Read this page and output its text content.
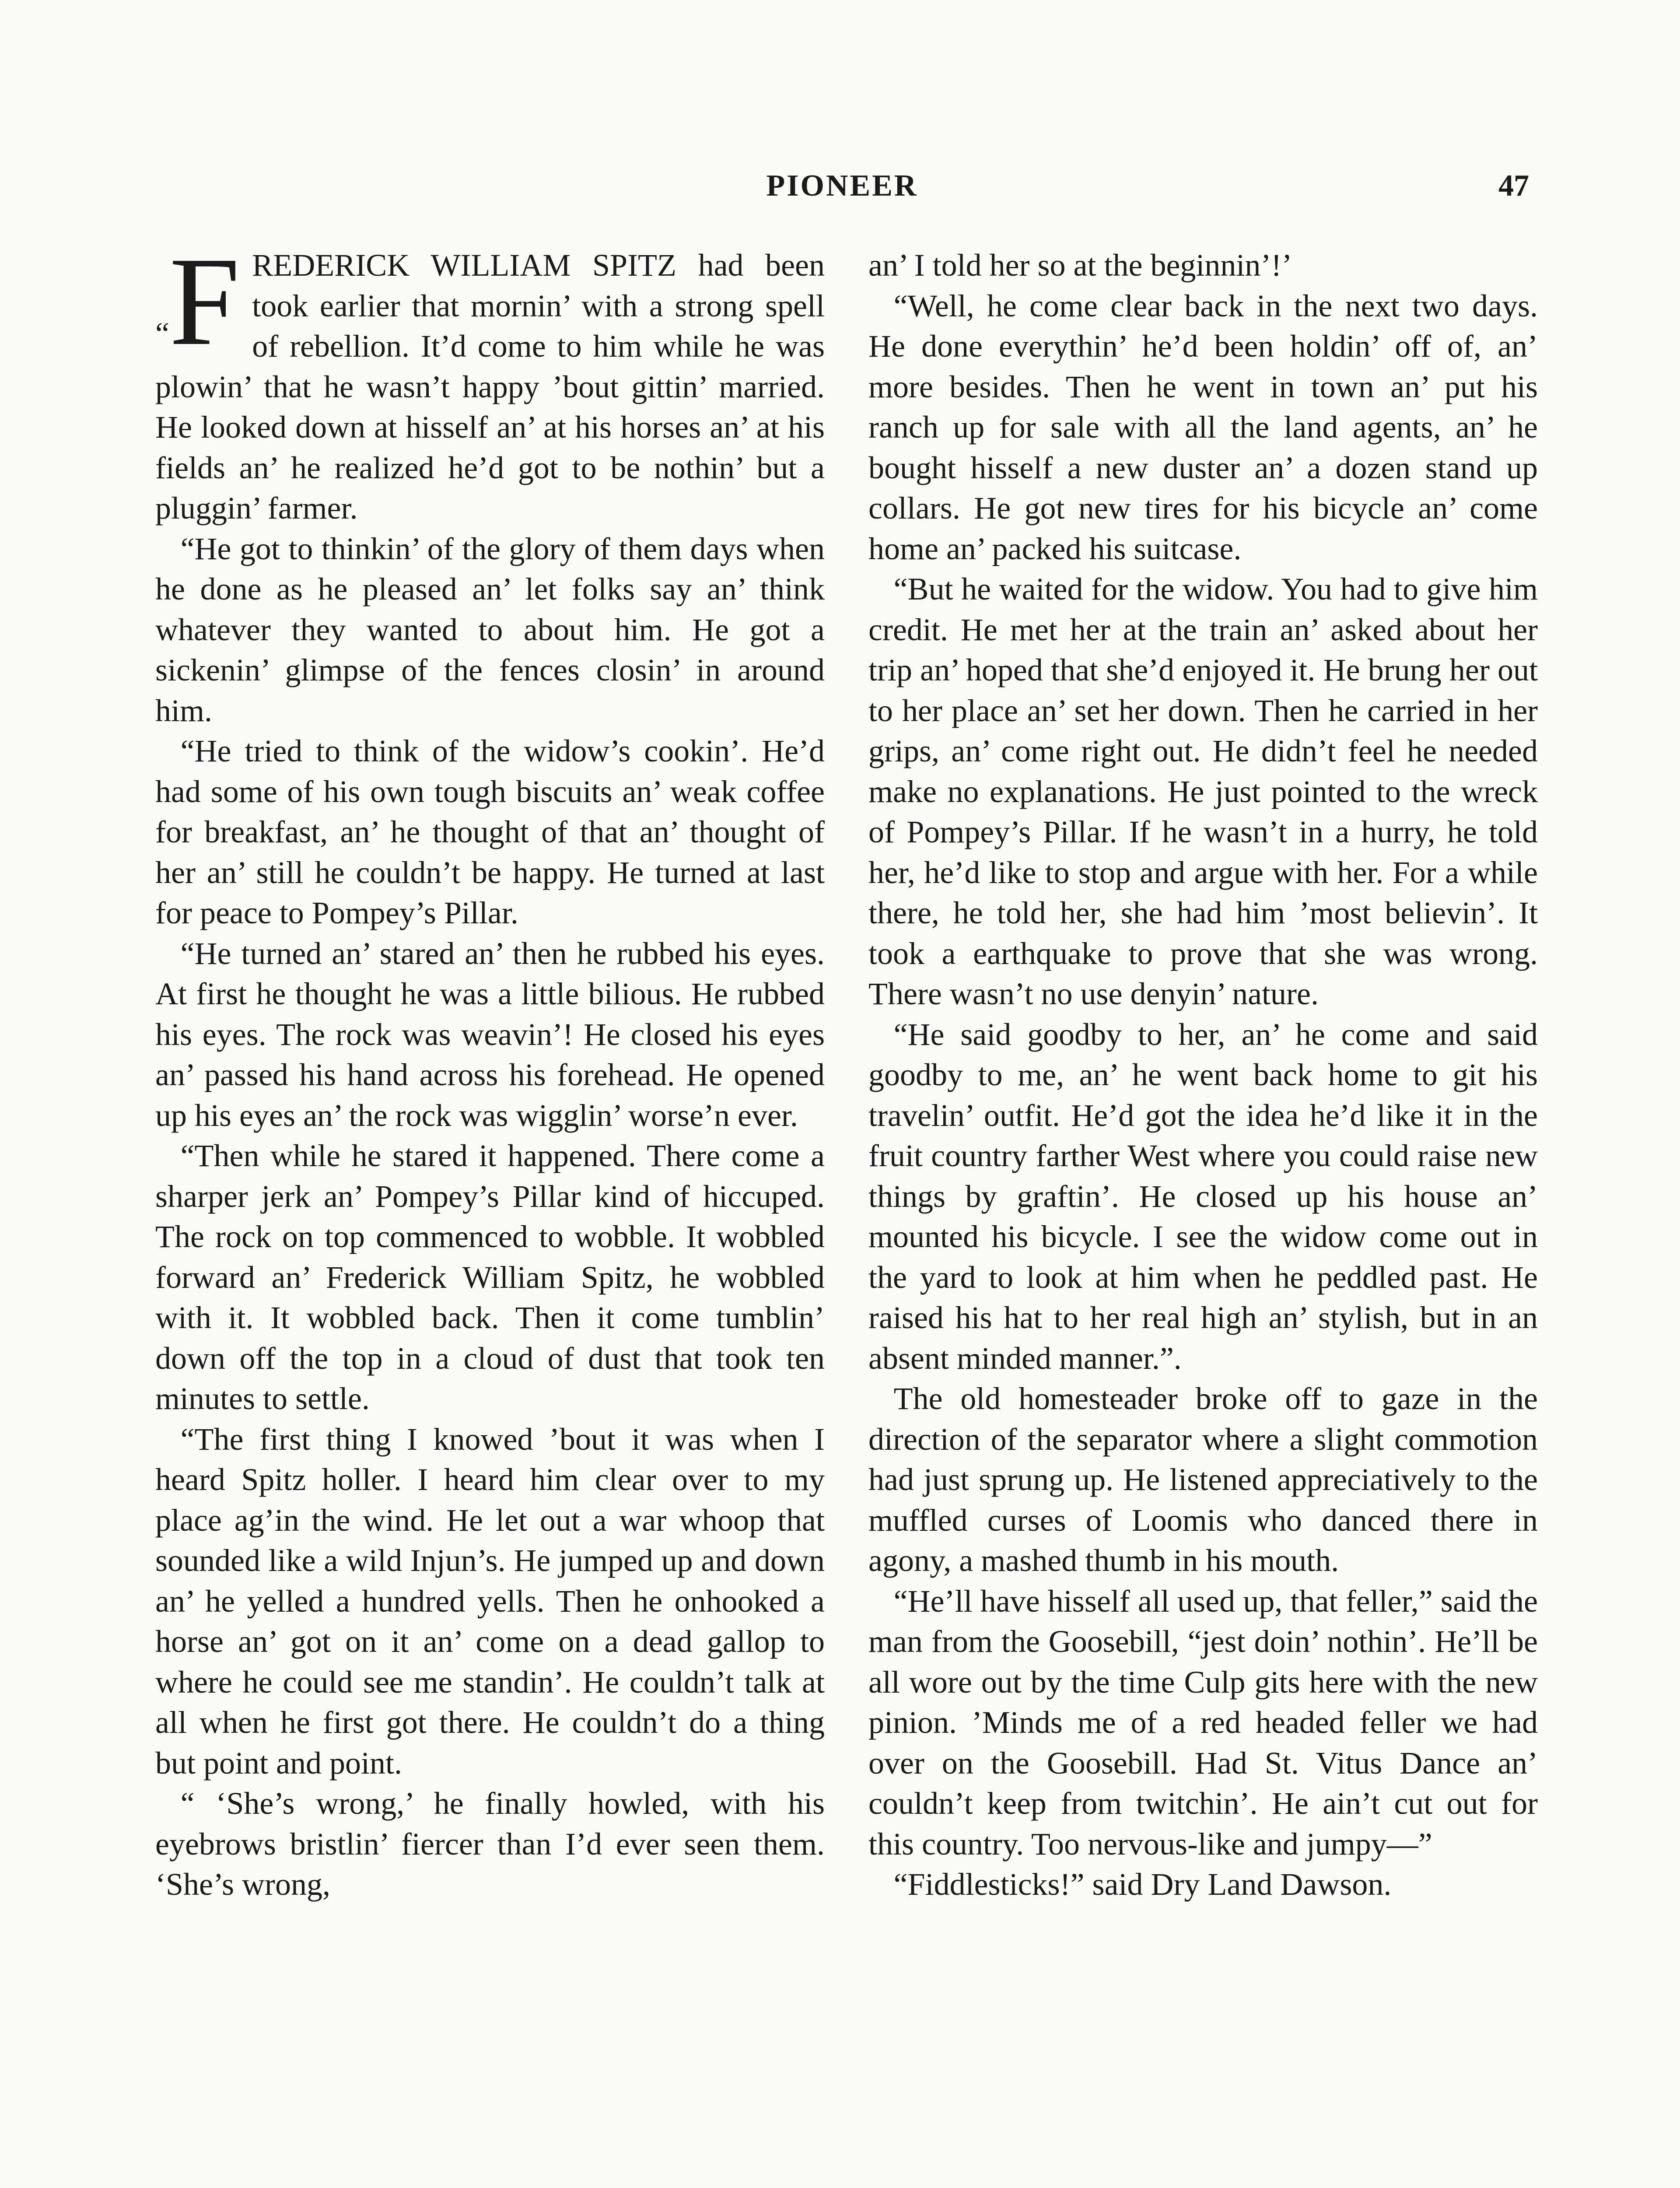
PIONEER	47

“F REDERICK WILLIAM SPITZ had been took earlier that mornin’ with a strong spell of rebellion. It’d come to him while he was plowin’ that he wasn’t happy ’bout gittin’ married. He looked down at hisself an’ at his horses an’ at his fields an’ he realized he’d got to be nothin’ but a pluggin’ farmer.

“He got to thinkin’ of the glory of them days when he done as he pleased an’ let folks say an’ think whatever they wanted to about him. He got a sickenin’ glimpse of the fences closin’ in around him.

“He tried to think of the widow’s cookin’. He’d had some of his own tough biscuits an’ weak coffee for breakfast, an’ he thought of that an’ thought of her an’ still he couldn’t be happy. He turned at last for peace to Pompey’s Pillar.

“He turned an’ stared an’ then he rubbed his eyes. At first he thought he was a little bilious. He rubbed his eyes. The rock was weavin’! He closed his eyes an’ passed his hand across his forehead. He opened up his eyes an’ the rock was wigglin’ worse’n ever.

“Then while he stared it happened. There come a sharper jerk an’ Pompey’s Pillar kind of hiccuped. The rock on top commenced to wobble. It wobbled forward an’ Frederick William Spitz, he wobbled with it. It wobbled back. Then it come tumblin’ down off the top in a cloud of dust that took ten minutes to settle.

“The first thing I knowed ’bout it was when I heard Spitz holler. I heard him clear over to my place ag’in the wind. He let out a war whoop that sounded like a wild Injun’s. He jumped up and down an’ he yelled a hundred yells. Then he onhooked a horse an’ got on it an’ come on a dead gallop to where he could see me standin’. He couldn’t talk at all when he first got there. He couldn’t do a thing but point and point.

“ ‘She’s wrong,’ he finally howled, with his eyebrows bristlin’ fiercer than I’d ever seen them. ‘She’s wrong,

an’ I told her so at the beginnin’!’

“Well, he come clear back in the next two days. He done everythin’ he’d been holdin’ off of, an’ more besides. Then he went in town an’ put his ranch up for sale with all the land agents, an’ he bought hisself a new duster an’ a dozen stand up collars. He got new tires for his bicycle an’ come home an’ packed his suitcase.

“But he waited for the widow. You had to give him credit. He met her at the train an’ asked about her trip an’ hoped that she’d enjoyed it. He brung her out to her place an’ set her down. Then he carried in her grips, an’ come right out. He didn’t feel he needed make no explanations. He just pointed to the wreck of Pompey’s Pillar. If he wasn’t in a hurry, he told her, he’d like to stop and argue with her. For a while there, he told her, she had him ’most believin’. It took a earthquake to prove that she was wrong. There wasn’t no use denyin’ nature.

“He said goodby to her, an’ he come and said goodby to me, an’ he went back home to git his travelin’ outfit. He’d got the idea he’d like it in the fruit country farther West where you could raise new things by graftin’. He closed up his house an’ mounted his bicycle. I see the widow come out in the yard to look at him when he peddled past. He raised his hat to her real high an’ stylish, but in an absent minded manner.”.

The old homesteader broke off to gaze in the direction of the separator where a slight commotion had just sprung up. He listened appreciatively to the muffled curses of Loomis who danced there in agony, a mashed thumb in his mouth.

“He’ll have hisself all used up, that feller,” said the man from the Goosebill, “jest doin’ nothin’. He’ll be all wore out by the time Culp gits here with the new pinion. ’Minds me of a red headed feller we had over on the Goosebill. Had St. Vitus Dance an’ couldn’t keep from twitchin’. He ain’t cut out for this country. Too nervous-like and jumpy—”

“Fiddlesticks!” said Dry Land Dawson.
